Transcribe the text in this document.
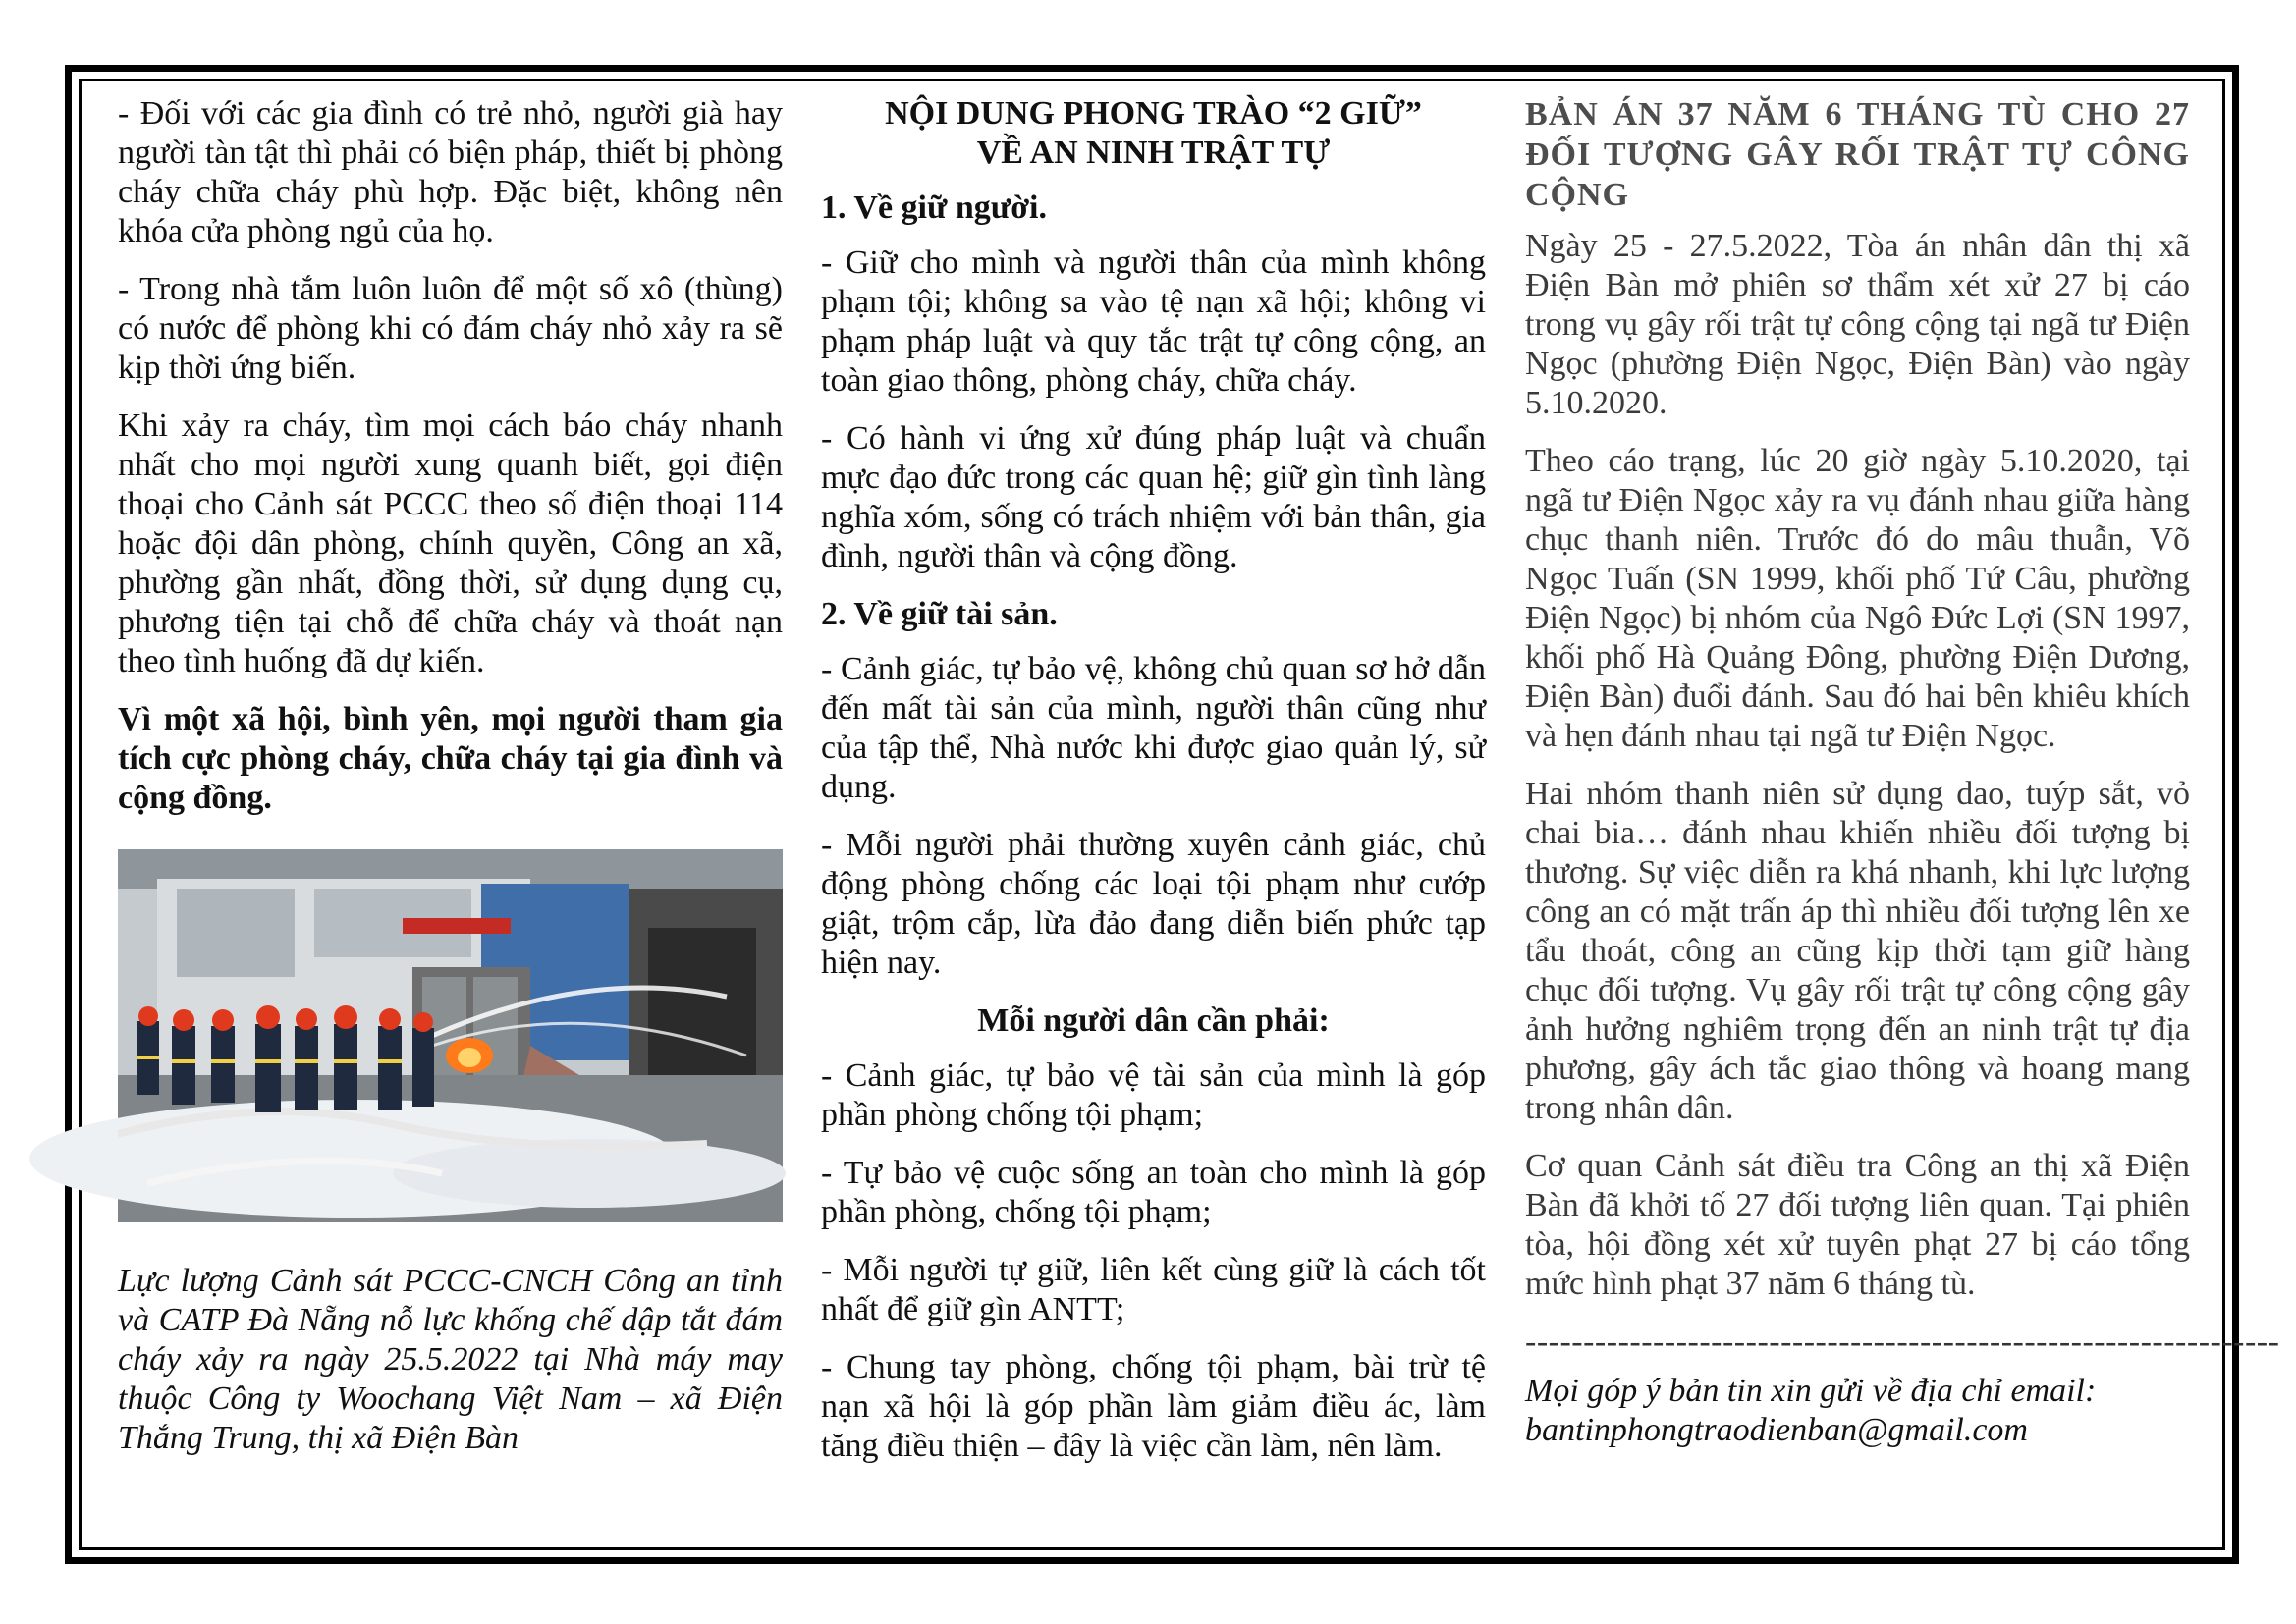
- Đối với các gia đình có trẻ nhỏ, người già hay người tàn tật thì phải có biện pháp, thiết bị phòng cháy chữa cháy phù hợp. Đặc biệt, không nên khóa cửa phòng ngủ của họ.

- Trong nhà tắm luôn luôn để một số xô (thùng) có nước để phòng khi có đám cháy nhỏ xảy ra sẽ kịp thời ứng biến.

Khi xảy ra cháy, tìm mọi cách báo cháy nhanh nhất cho mọi người xung quanh biết, gọi điện thoại cho Cảnh sát PCCC theo số điện thoại 114 hoặc đội dân phòng, chính quyền, Công an xã, phường gần nhất, đồng thời, sử dụng dụng cụ, phương tiện tại chỗ để chữa cháy và thoát nạn theo tình huống đã dự kiến.

Vì một xã hội, bình yên, mọi người tham gia tích cực phòng cháy, chữa cháy tại gia đình và cộng đồng.

Lực lượng Cảnh sát PCCC-CNCH Công an tỉnh và CATP Đà Nẵng nỗ lực khống chế dập tắt đám cháy xảy ra ngày 25.5.2022 tại Nhà máy may thuộc Công ty Woochang Việt Nam – xã Điện Thắng Trung, thị xã Điện Bàn

NỘI DUNG PHONG TRÀO “2 GIỮ”
VỀ AN NINH TRẬT TỰ
1. Về giữ người.

- Giữ cho mình và người thân của mình không phạm tội; không sa vào tệ nạn xã hội; không vi phạm pháp luật và quy tắc trật tự công cộng, an toàn giao thông, phòng cháy, chữa cháy.

- Có hành vi ứng xử đúng pháp luật và chuẩn mực đạo đức trong các quan hệ; giữ gìn tình làng nghĩa xóm, sống có trách nhiệm với bản thân, gia đình, người thân và cộng đồng.

2. Về giữ tài sản.

- Cảnh giác, tự bảo vệ, không chủ quan sơ hở dẫn đến mất tài sản của mình, người thân cũng như của tập thể, Nhà nước khi được giao quản lý, sử dụng.

- Mỗi người phải thường xuyên cảnh giác, chủ động phòng chống các loại tội phạm như cướp giật, trộm cắp, lừa đảo đang diễn biến phức tạp hiện nay.

Mỗi người dân cần phải:

- Cảnh giác, tự bảo vệ tài sản của mình là góp phần phòng chống tội phạm;

- Tự bảo vệ cuộc sống an toàn cho mình là góp phần phòng, chống tội phạm;

- Mỗi người tự giữ, liên kết cùng giữ là cách tốt nhất để giữ gìn ANTT;

- Chung tay phòng, chống tội phạm, bài trừ tệ nạn xã hội là góp phần làm giảm điều ác, làm tăng điều thiện – đây là việc cần làm, nên làm.

BẢN ÁN 37 NĂM 6 THÁNG TÙ CHO 27 ĐỐI TƯỢNG GÂY RỐI TRẬT TỰ CÔNG CỘNG

Ngày 25 - 27.5.2022, Tòa án nhân dân thị xã Điện Bàn mở phiên sơ thẩm xét xử 27 bị cáo trong vụ gây rối trật tự công cộng tại ngã tư Điện Ngọc (phường Điện Ngọc, Điện Bàn) vào ngày 5.10.2020.

Theo cáo trạng, lúc 20 giờ ngày 5.10.2020, tại ngã tư Điện Ngọc xảy ra vụ đánh nhau giữa hàng chục thanh niên. Trước đó do mâu thuẫn, Võ Ngọc Tuấn (SN 1999, khối phố Tứ Câu, phường Điện Ngọc) bị nhóm của Ngô Đức Lợi (SN 1997, khối phố Hà Quảng Đông, phường Điện Dương, Điện Bàn) đuổi đánh. Sau đó hai bên khiêu khích và hẹn đánh nhau tại ngã tư Điện Ngọc.

Hai nhóm thanh niên sử dụng dao, tuýp sắt, vỏ chai bia… đánh nhau khiến nhiều đối tượng bị thương. Sự việc diễn ra khá nhanh, khi lực lượng công an có mặt trấn áp thì nhiều đối tượng lên xe tẩu thoát, công an cũng kịp thời tạm giữ hàng chục đối tượng. Vụ gây rối trật tự công cộng gây ảnh hưởng nghiêm trọng đến an ninh trật tự địa phương, gây ách tắc giao thông và hoang mang trong nhân dân.

Cơ quan Cảnh sát điều tra Công an thị xã Điện Bàn đã khởi tố 27 đối tượng liên quan. Tại phiên tòa, hội đồng xét xử tuyên phạt 27 bị cáo tổng mức hình phạt 37 năm 6 tháng tù.

-----------------------------------------------------------------
Mọi góp ý bản tin xin gửi về địa chỉ email:
bantinphongtraodienban@gmail.com
